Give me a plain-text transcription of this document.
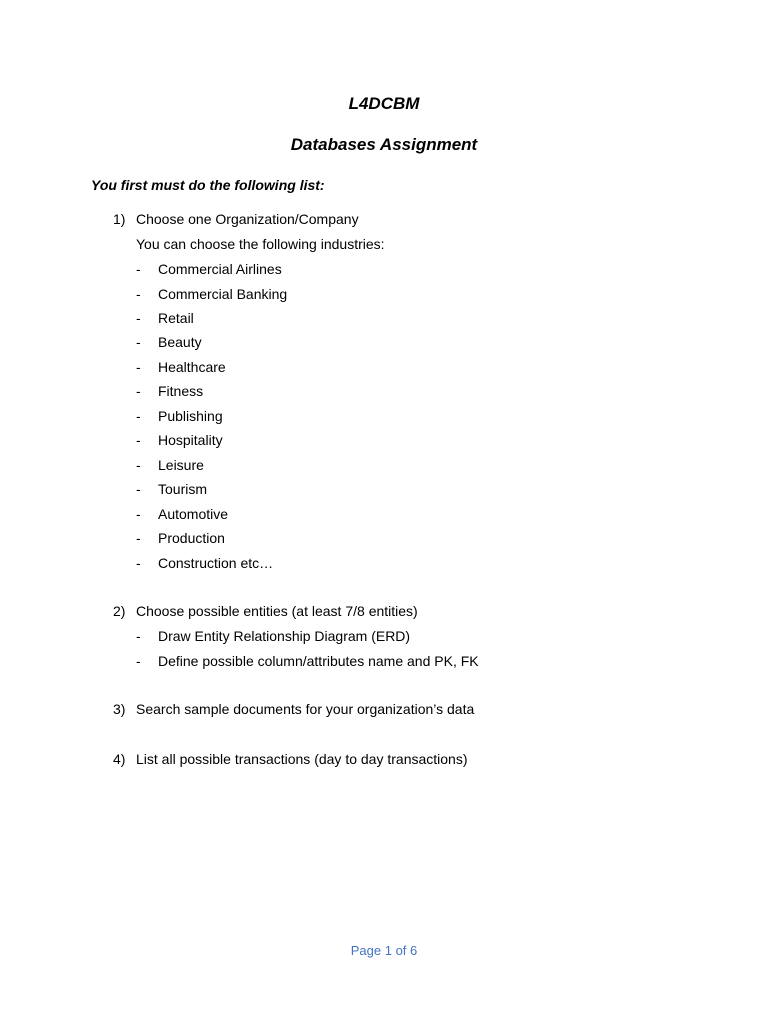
L4DCBM
Databases Assignment
You first must do the following list:
1) Choose one Organization/Company
You can choose the following industries:
- Commercial Airlines
- Commercial Banking
- Retail
- Beauty
- Healthcare
- Fitness
- Publishing
- Hospitality
- Leisure
- Tourism
- Automotive
- Production
- Construction etc…
2) Choose possible entities (at least 7/8 entities)
- Draw Entity Relationship Diagram (ERD)
- Define possible column/attributes name and PK, FK
3) Search sample documents for your organization’s data
4) List all possible transactions (day to day transactions)
Page 1 of 6
